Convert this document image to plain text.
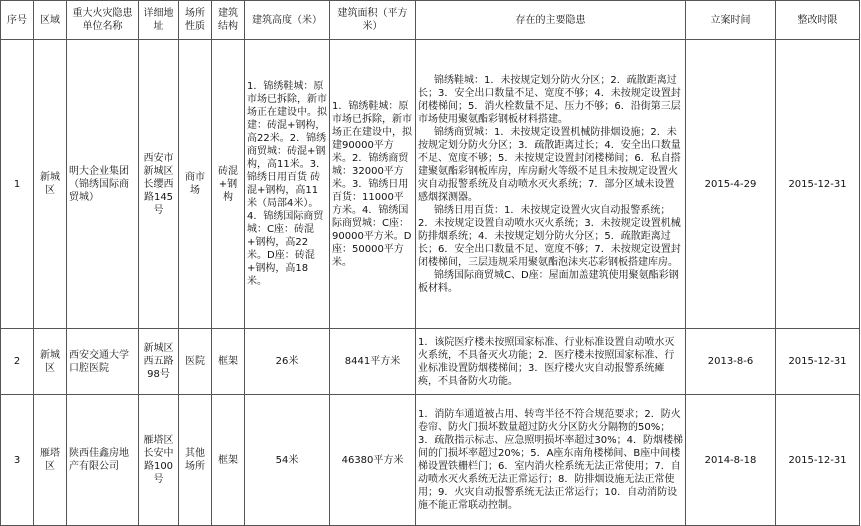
序号	区域	重大火灾隐患单位名称	详细地址	场所性质	建筑结构	建筑高度（米）	建筑面积（平方米）	存在的主要隐患	立案时间	整改时限
1	新城区	明大企业集团（锦绣国际商贸城）	西安市新城区长缨西路145号	商市场	砖混+钢构	1．锦绣鞋城：原市场已拆除，新市场正在建设中。拟建：砖混+钢构，高22米。2．锦绣商贸城：砖混+钢构，高11米。3．锦绣日用百货 砖混+钢构，高11米（局部4米）。4．锦绣国际商贸城：C座：砖混+钢构，高22米。D座：砖混+钢构，高18米。	1．锦绣鞋城：原市场已拆除，新市场正在建设中，拟建90000平方米。2．锦绣商贸城：32000平方米。3．锦绣日用百货：11000平方米。4．锦绣国际商贸城：C座：90000平方米。D座：50000平方米。	锦绣鞋城：1．未按规定划分防火分区；2．疏散距离过长；3．安全出口数量不足、宽度不够；4．未按规定设置封闭楼梯间；5．消火栓数量不足、压力不够；6．沿街第三层市场使用聚氨酯彩钢板材料搭建。

锦绣商贸城：1．未按规定设置机械防排烟设施；2．未按规定划分防火分区；3．疏散距离过长；4．安全出口数量不足、宽度不够；5．未按规定设置封闭楼梯间；6．私自搭建聚氨酯彩钢板库房，库房耐火等级不足且未按规定设置火灾自动报警系统及自动喷水灭火系统；7．部分区域未设置感烟探测器。

锦绣日用百货：1．未按规定设置火灾自动报警系统；2．未按规定设置自动喷水灭火系统；3．未按规定设置机械防排烟系统；4．未按规定划分防火分区；5．疏散距离过长；6．安全出口数量不足、宽度不够；7．未按规定设置封闭楼梯间，三层违规采用聚氨酯泡沫夹芯彩钢板搭建库房。

锦绣国际商贸城C、D座：屋面加盖建筑使用聚氨酯彩钢板材料。	2015-4-29	2015-12-31
2	新城区	西安交通大学口腔医院	新城区西五路98号	医院	框架	26米	8441平方米	1．该院医疗楼未按照国家标准、行业标准设置自动喷水灭火系统，不具备灭火功能；2．医疗楼未按照国家标准、行业标准设置防烟楼梯间；3．医疗楼火灾自动报警系统瘫痪，不具备防火功能。	2013-8-6	2015-12-31
3	雁塔区	陕西佳鑫房地产有限公司	雁塔区长安中路100号	其他场所	框架	54米	46380平方米	1．消防车通道被占用、转弯半径不符合规范要求；2．防火卷帘、防火门损坏数量超过防火分区防火分隔物的50%；3．疏散指示标志、应急照明损坏率超过30%；4．防烟楼梯间的门损坏率超过20%；5．A座东南角楼梯间、B座中间楼梯设置铁栅栏门；6．室内消火栓系统无法正常使用；7．自动喷水灭火系统无法正常运行；8．防排烟设施无法正常使用；9．火灾自动报警系统无法正常运行；10．自动消防设施不能正常联动控制。	2014-8-18	2015-12-31
